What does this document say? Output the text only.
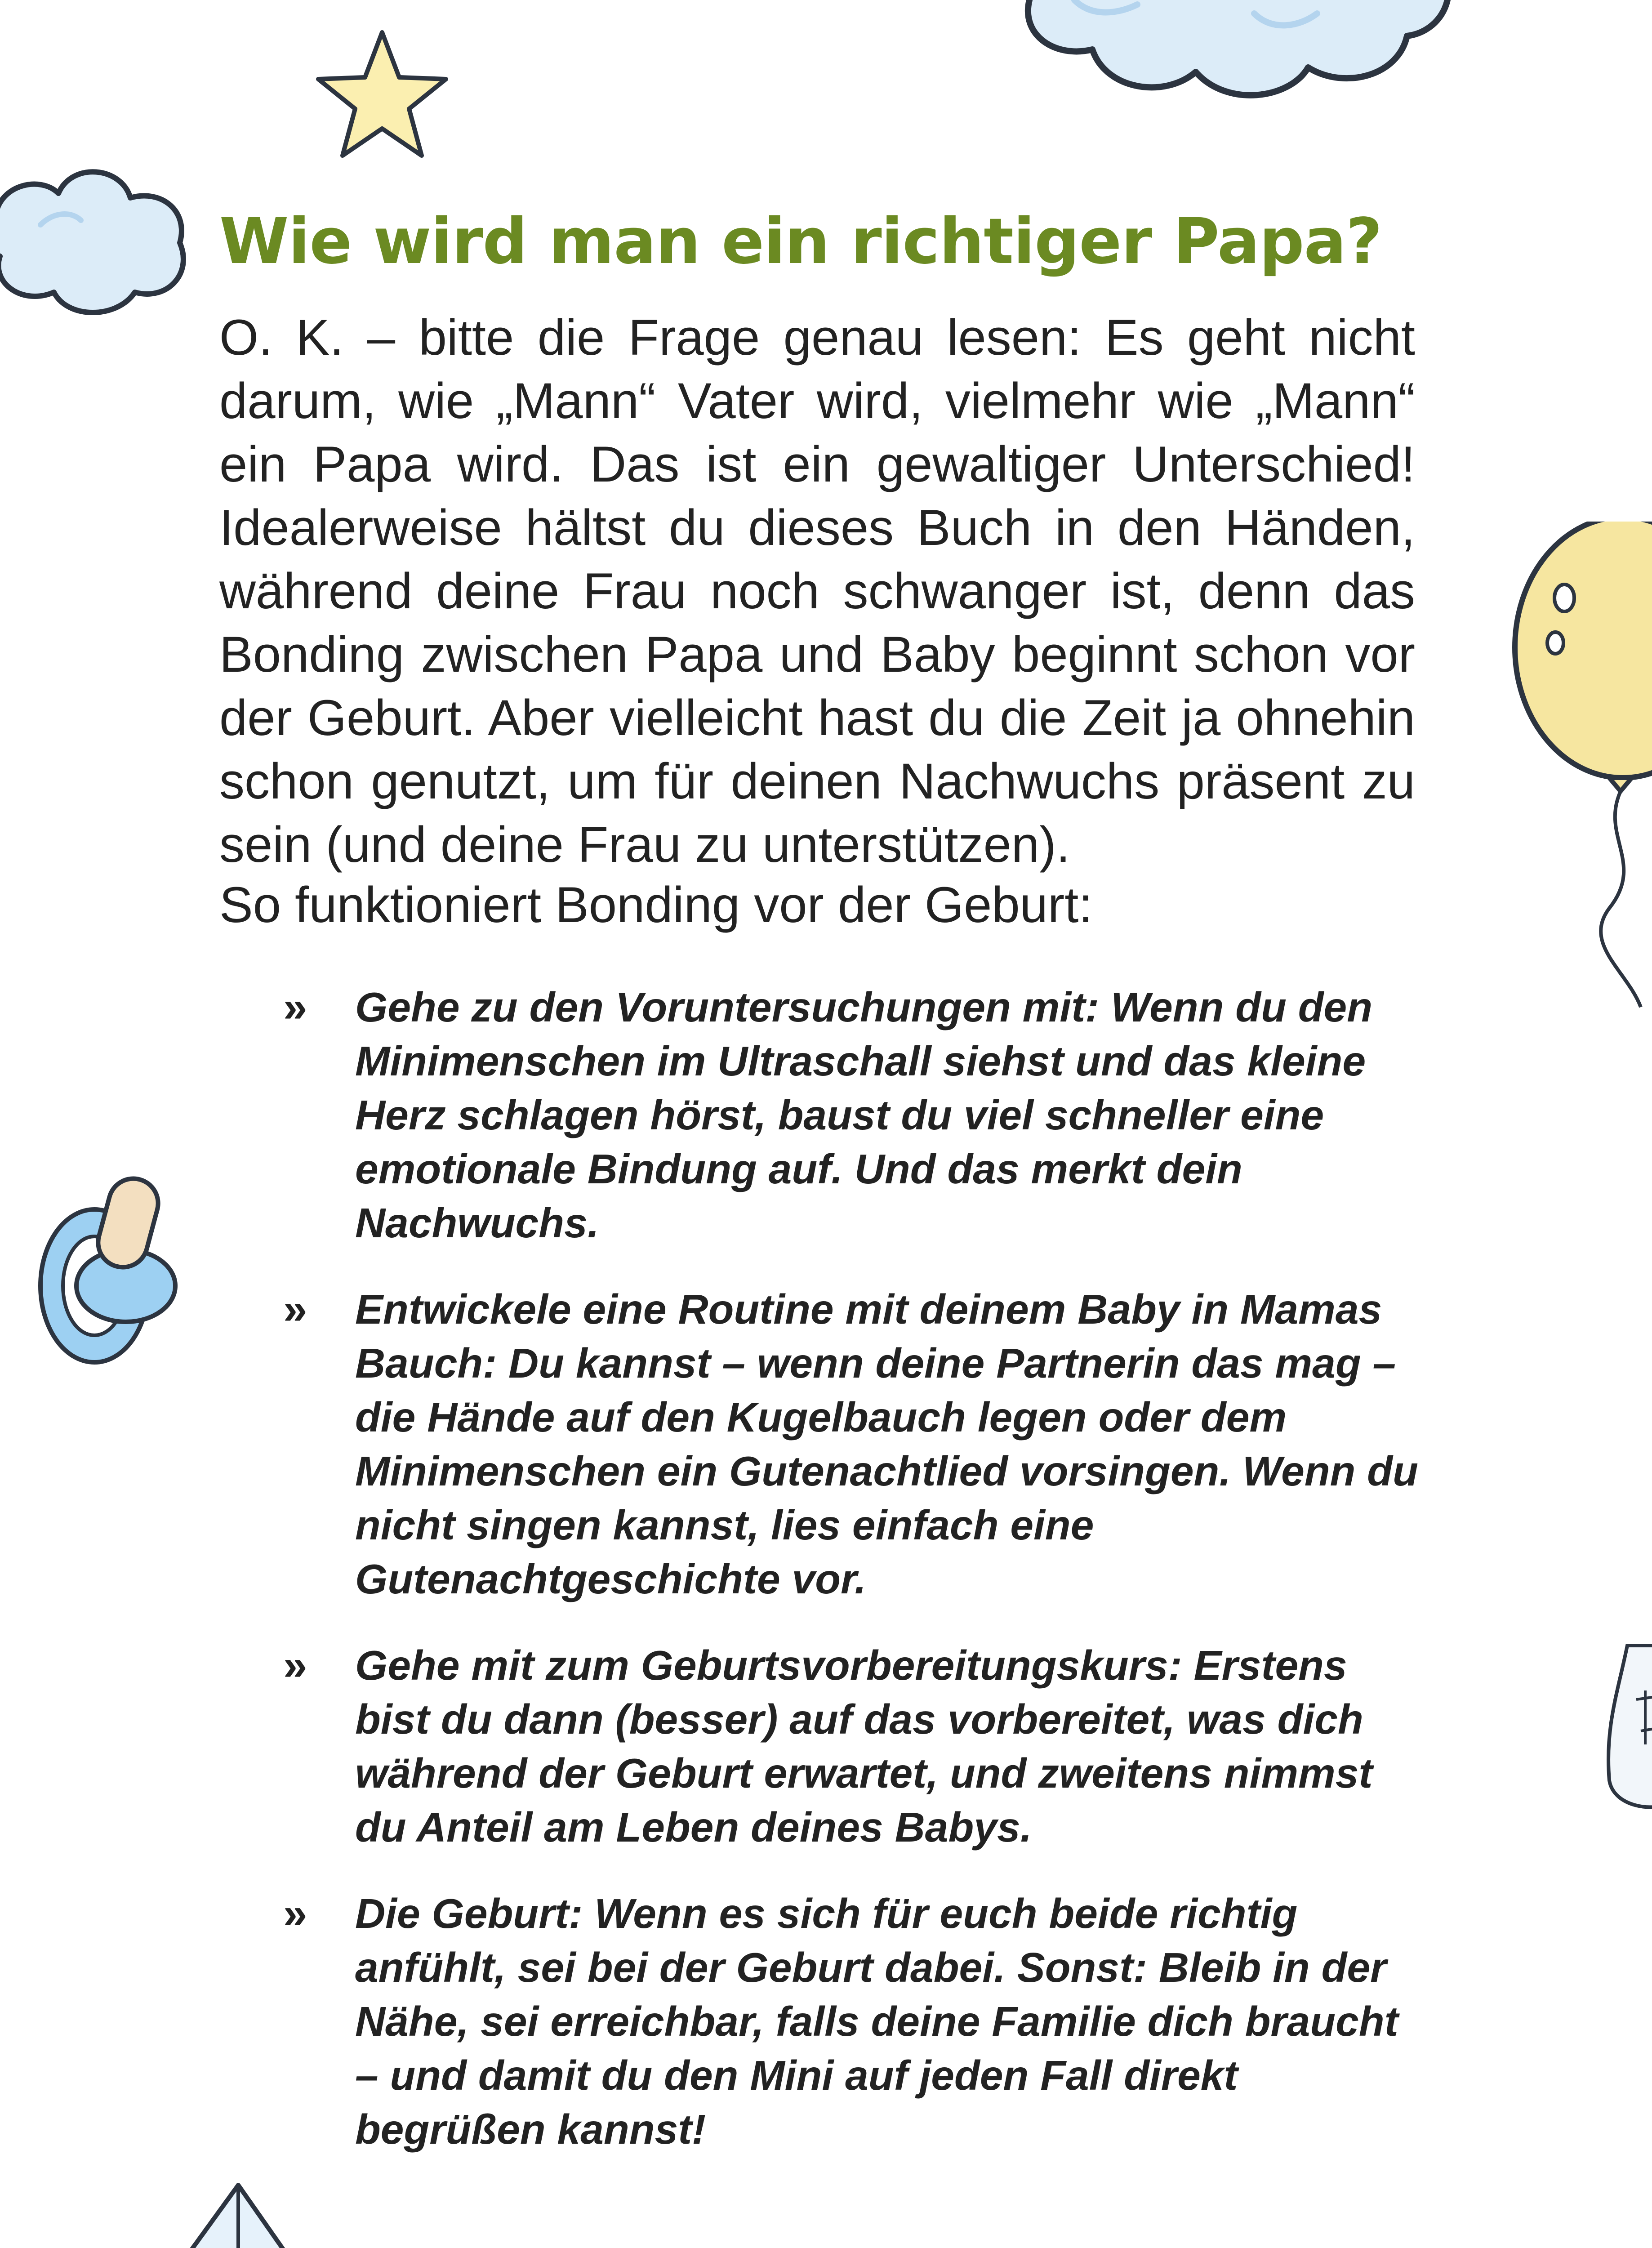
Wie wird man ein richtiger Papa?

O. K. – bitte die Frage genau lesen: Es geht nicht darum, wie „Mann“ Vater wird, vielmehr wie „Mann“ ein Papa wird. Das ist ein gewaltiger Unterschied! Idealerweise hältst du dieses Buch in den Händen, während deine Frau noch schwanger ist, denn das Bonding zwischen Papa und Baby beginnt schon vor der Geburt. Aber vielleicht hast du die Zeit ja ohnehin schon genutzt, um für deinen Nachwuchs präsent zu sein (und deine Frau zu unterstützen).

So funktioniert Bonding vor der Geburt:

» Gehe zu den Voruntersuchungen mit: Wenn du den Minimenschen im Ultraschall siehst und das kleine Herz schlagen hörst, baust du viel schneller eine emotionale Bindung auf. Und das merkt dein Nachwuchs.
» Entwickele eine Routine mit deinem Baby in Mamas Bauch: Du kannst – wenn deine Partnerin das mag – die Hände auf den Kugelbauch legen oder dem Minimenschen ein Gutenachtlied vorsingen. Wenn du nicht singen kannst, lies einfach eine Gutenachtgeschichte vor.
» Gehe mit zum Geburtsvorbereitungskurs: Erstens bist du dann (besser) auf das vorbereitet, was dich während der Geburt erwartet, und zweitens nimmst du Anteil am Leben deines Babys.
» Die Geburt: Wenn es sich für euch beide richtig anfühlt, sei bei der Geburt dabei. Sonst: Bleib in der Nähe, sei erreichbar, falls deine Familie dich braucht – und damit du den Mini auf jeden Fall direkt begrüßen kannst!
